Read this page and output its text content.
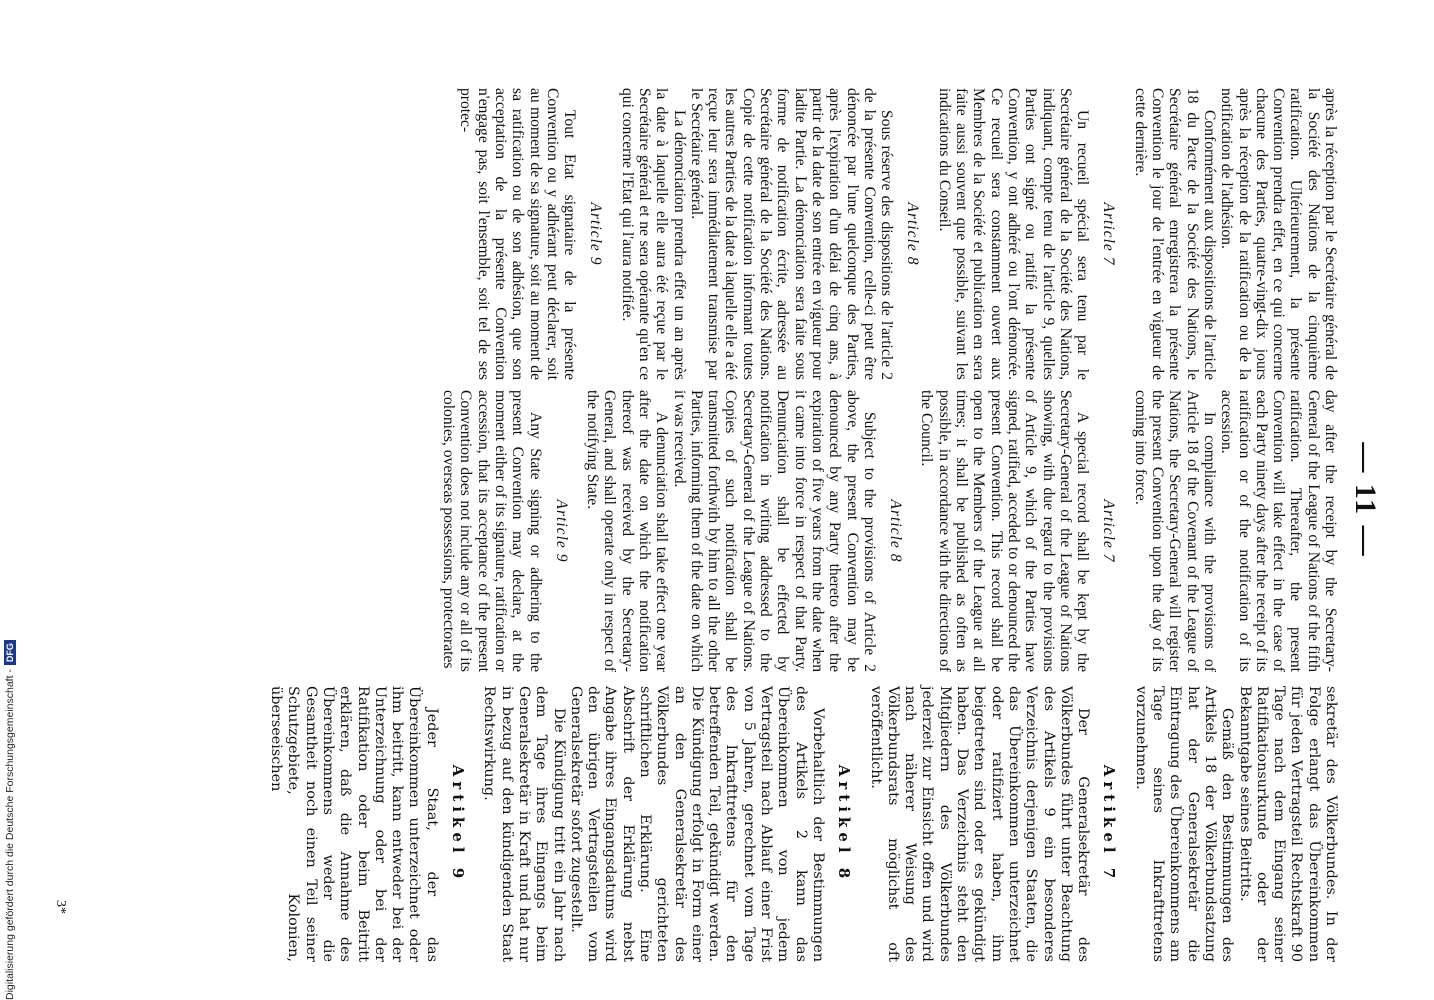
— 11 —

après la réception par le Secrétaire général de la Société des Nations de la cinquième ratification. Ultérieurement, la présente Convention prendra effet, en ce qui concerne chacune des Parties, quatre-vingt-dix jours après la réception de la ratification ou de la notification de l'adhésion.

Conformément aux dispositions de l'article 18 du Pacte de la Société des Nations, le Secrétaire général enregistrera la présente Convention le jour de l'entrée en vigueur de cette dernière.

Article 7

Un recueil spécial sera tenu par le Secrétaire général de la Société des Nations, indiquant, compte tenu de l'article 9, quelles Parties ont signé ou ratifié la présente Convention, y ont adhéré ou l'ont dénoncée. Ce recueil sera constamment ouvert aux Membres de la Société et publication en sera faite aussi souvent que possible, suivant les indications du Conseil.

Article 8

Sous réserve des dispositions de l'article 2 de la présente Convention, celle-ci peut être dénoncée par l'une quelconque des Parties, après l'expiration d'un délai de cinq ans, à partir de la date de son entrée en vigueur pour ladite Partie. La dénonciation sera faite sous forme de notification écrite, adressée au Secrétaire général de la Société des Nations. Copie de cette notification informant toutes les autres Parties de la date à laquelle elle a été reçue leur sera immédiatement transmise par le Secrétaire général.

La dénonciation prendra effet un an après la date à laquelle elle aura été reçue par le Secrétaire général et ne sera opérante qu'en ce qui concerne l'Etat qui l'aura notifiée.

Article 9

Tout Etat signataire de la présente Convention ou y adhérant peut déclarer, soit au moment de sa signature, soit au moment de sa ratification ou de son adhésion, que son acceptation de la présente Convention n'engage pas, soit l'ensemble, soit tel de ses protec-

day after the receipt by the Secretary-General of the League of Nations of the fifth ratification. Thereafter, the present Convention will take effect in the case of each Party ninety days after the receipt of its ratification or of the notification of its accession.

In compliance with the provisions of Article 18 of the Covenant of the League of Nations, the Secretary-General will register the present Convention upon the day of its coming into force.

Article 7

A special record shall be kept by the Secretary-General of the League of Nations showing, with due regard to the provisions of Article 9, which of the Parties have signed, ratified, acceded to or denounced the present Convention. This record shall be open to the Members of the League at all times; it shall be published as often as possible, in accordance with the directions of the Council.

Article 8

Subject to the provisions of Article 2 above, the present Convention may be denounced by any Party thereto after the expiration of five years from the date when it came into force in respect of that Party. Denunciation shall be effected by notification in writing addressed to the Secretary-General of the League of Nations. Copies of such notification shall be transmitted forthwith by him to all the other Parties, informing them of the date on which it was received.

A denunciation shall take effect one year after the date on which the notification thereof was received by the Secretary-General, and shall operate only in respect of the notifying State.

Article 9

Any State signing or adhering to the present Convention may declare, at the moment either of its signature, ratification or accession, that its acceptance of the present Convention does not include any or all of its colonies, overseas possessions, protectorates

sekretär des Völkerbundes. In der Folge erlangt das Übereinkommen für jeden Vertragsteil Rechtskraft 90 Tage nach dem Eingang seiner Ratifikationsurkunde oder der Bekanntgabe seines Beitritts.

Gemäß den Bestimmungen des Artikels 18 der Völkerbundsatzung hat der Generalsekretär die Eintragung des Übereinkommens am Tage seines Inkrafttretens vorzunehmen.

Artikel 7

Der Generalsekretär des Völkerbundes führt unter Beachtung des Artikels 9 ein besonderes Verzeichnis derjenigen Staaten, die das Übereinkommen unterzeichnet oder ratifiziert haben, ihm beigetreten sind oder es gekündigt haben. Das Verzeichnis steht den Mitgliedern des Völkerbundes jederzeit zur Einsicht offen und wird nach näherer Weisung des Völkerbundsrats möglichst oft veröffentlicht.

Artikel 8

Vorbehaltlich der Bestimmungen des Artikels 2 kann das Übereinkommen von jedem Vertragsteil nach Ablauf einer Frist von 5 Jahren, gerechnet vom Tage des Inkrafttretens für den betreffenden Teil, gekündigt werden. Die Kündigung erfolgt in Form einer an den Generalsekretär des Völkerbundes gerichteten schriftlichen Erklärung. Eine Abschrift der Erklärung nebst Angabe ihres Eingangsdatums wird den übrigen Vertragsteilen vom Generalsekretär sofort zugestellt.

Die Kündigung tritt ein Jahr nach dem Tage ihres Eingangs beim Generalsekretär in Kraft und hat nur in bezug auf den kündigenden Staat Rechtswirkung.

Artikel 9

Jeder Staat, der das Übereinkommen unterzeichnet oder ihm beitritt, kann entweder bei der Unterzeichnung oder bei der Ratifikation oder beim Beitritt erklären, daß die Annahme des Übereinkommens weder die Gesamtheit noch einen Teil seiner Schutzgebiete, Kolonien, überseeischen

3*
Digitalisierung gefördert durch die Deutsche Forschungsgemeinschaft -
DFG
